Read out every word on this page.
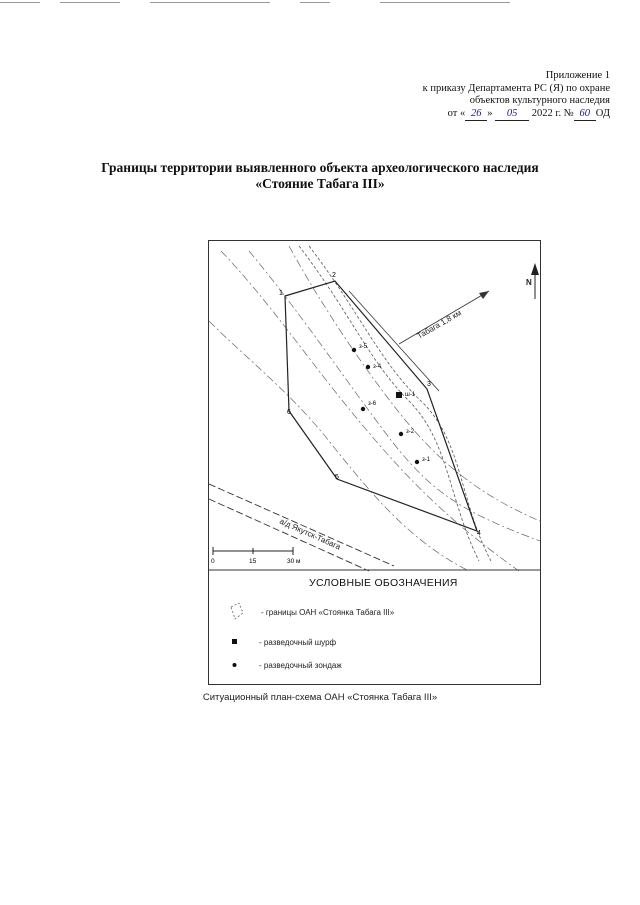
Приложение 1
к приказу Департамента РС (Я) по охране
объектов культурного наследия
от « 26 » 05 2022 г. № 60 ОД
Границы территории выявленного объекта археологического наследия
«Стояние Табага III»
а/д Якутск-Табага
Табага 1,8 км
N
1
2
3
4
5
6
з-5
з-4
з-6
з-2
з-1
ш-1
0	15	30 м
УСЛОВНЫЕ ОБОЗНАЧЕНИЯ
- границы ОАН «Стоянка Табага III»
- разведочный шурф
- разведочный зондаж
Ситуационный план-схема ОАН «Стоянка Табага III»
